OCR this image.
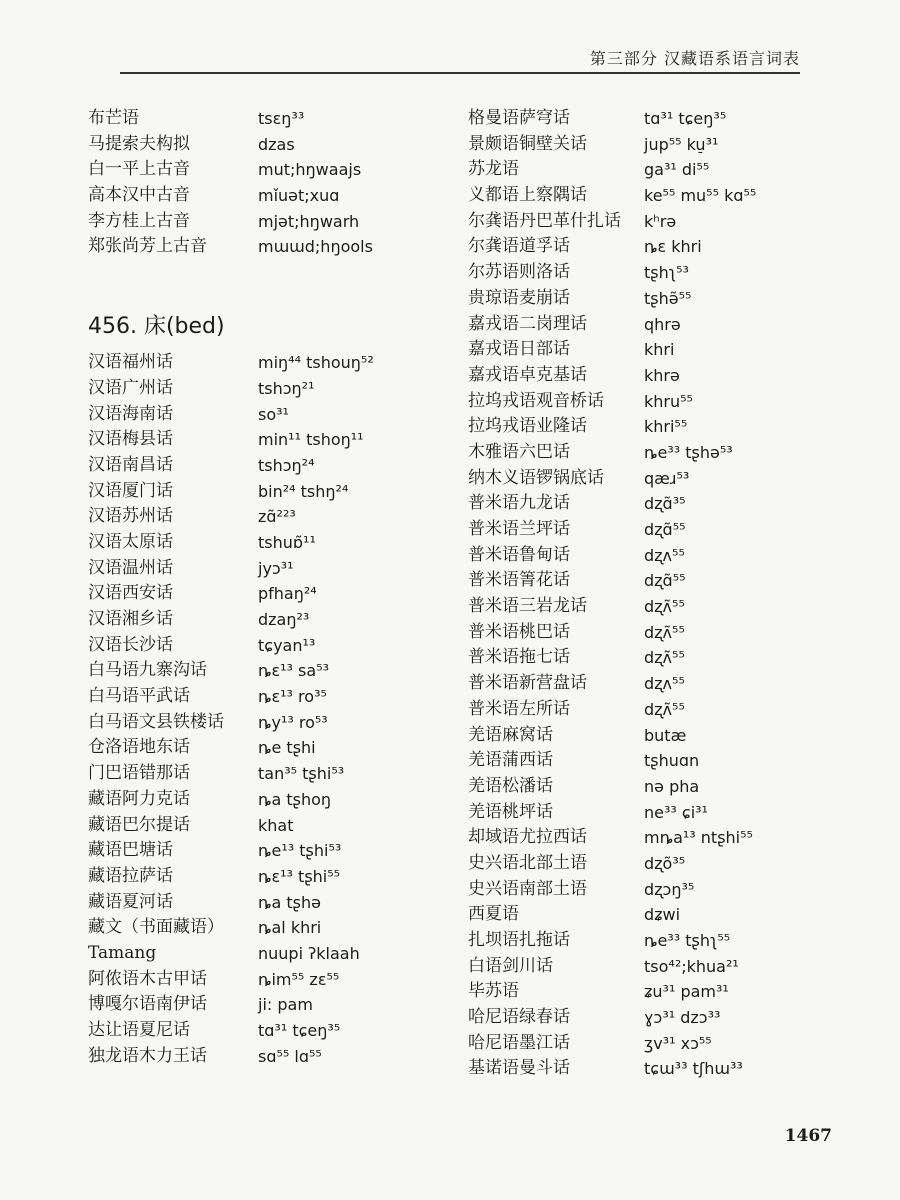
第三部分 汉藏语系语言词表
布芒语	tsɛŋ³³
马提索夫构拟	dzas
白一平上古音	mut;hŋwaajs
高本汉中古音	mǐuət;xuɑ
李方桂上古音	mjət;hŋwarh
郑张尚芳上古音	mɯɯd;hŋools
456. 床(bed)
汉语福州话	miŋ⁴⁴ tshouŋ⁵²
汉语广州话	tshɔŋ²¹
汉语海南话	so³¹
汉语梅县话	min¹¹ tshoŋ¹¹
汉语南昌话	tshɔŋ²⁴
汉语厦门话	bin²⁴ tshŋ²⁴
汉语苏州话	zɑ̃²²³
汉语太原话	tshuɒ̃¹¹
汉语温州话	jyɔ³¹
汉语西安话	pfhaŋ²⁴
汉语湘乡话	dzaŋ²³
汉语长沙话	tɕyan¹³
白马语九寨沟话	ȵɛ¹³ sa⁵³
白马语平武话	ȵɛ¹³ ro³⁵
白马语文县铁楼话	ȵy¹³ ro⁵³
仓洛语地东话	ȵe tʂhi
门巴语错那话	tan³⁵ tʂhi⁵³
藏语阿力克话	ȵa tʂhoŋ
藏语巴尔提话	khat
藏语巴塘话	ȵe¹³ tʂhi⁵³
藏语拉萨话	ȵɛ¹³ tʂhi⁵⁵
藏语夏河话	ȵa tʂhə
藏文（书面藏语）	ȵal khri
Tamang	nuupi ʔklaah
阿侬语木古甲话	ȵim⁵⁵ zɛ⁵⁵
博嘎尔语南伊话	ji: pam
达让语夏尼话	tɑ³¹ tɕeŋ³⁵
独龙语木力王话	sɑ⁵⁵ lɑ⁵⁵
格曼语萨穹话	tɑ³¹ tɕeŋ³⁵
景颇语铜壁关话	jup⁵⁵ ku̠³¹
苏龙语	ga³¹ di⁵⁵
义都语上察隅话	ke⁵⁵ mu⁵⁵ kɑ⁵⁵
尔龚语丹巴革什扎话	kʰrə
尔龚语道孚话	ȵɛ khri
尔苏语则洛话	tʂhʅ⁵³
贵琼语麦崩话	tʂhə̃⁵⁵
嘉戎语二岗理话	qhrə
嘉戎语日部话	khri
嘉戎语卓克基话	khrə
拉坞戎语观音桥话	khru⁵⁵
拉坞戎语业隆话	khri⁵⁵
木雅语六巴话	ȵe³³ tʂhə⁵³
纳木义语锣锅底话	qæɹ⁵³
普米语九龙话	dʐɑ̃³⁵
普米语兰坪话	dʐɑ̃⁵⁵
普米语鲁甸话	dʐʌ⁵⁵
普米语箐花话	dʐɑ̃⁵⁵
普米语三岩龙话	dʐʌ̃⁵⁵
普米语桃巴话	dʐʌ̃⁵⁵
普米语拖七话	dʐʌ̃⁵⁵
普米语新营盘话	dʐʌ⁵⁵
普米语左所话	dʐʌ̃⁵⁵
羌语麻窝话	butæ
羌语蒲西话	tʂhuɑn
羌语松潘话	nə pha
羌语桃坪话	ne³³ ɕi³¹
却域语尤拉西话	mȵa¹³ ntʂhi⁵⁵
史兴语北部土语	dʐõ³⁵
史兴语南部土语	dʐɔŋ³⁵
西夏语	dʑwi
扎坝语扎拖话	ȵe³³ tʂhʅ⁵⁵
白语剑川话	tso⁴²;khua²¹
毕苏语	ʑu³¹ pam³¹
哈尼语绿春话	ɣɔ³¹ dzɔ³³
哈尼语墨江话	ʒv³¹ xɔ⁵⁵
基诺语曼斗话	tɕɯ³³ tʃhɯ³³
1467
